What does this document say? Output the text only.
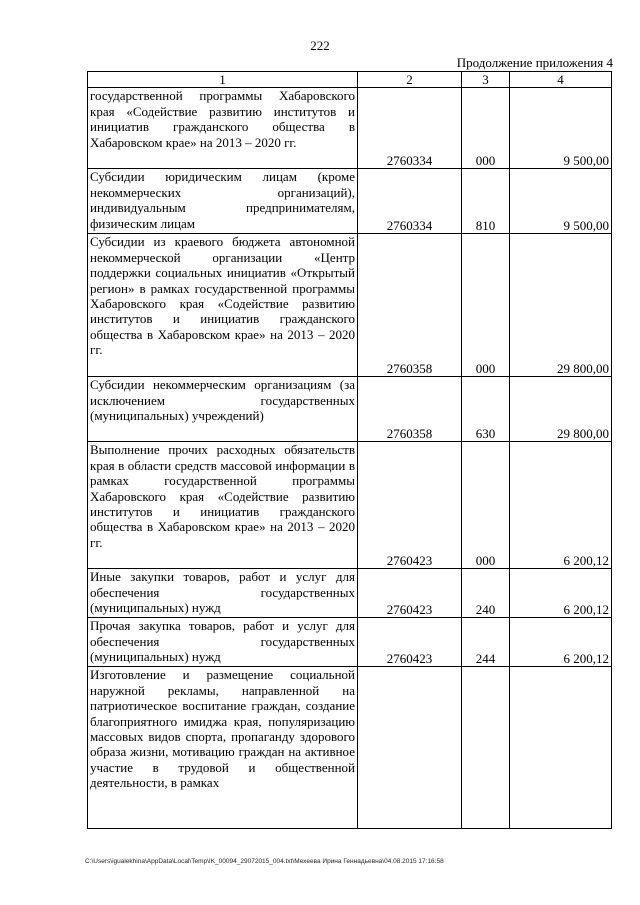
222
Продолжение приложения 4
1	2	3	4
государственной программы Хабаровского края «Содействие развитию институтов и инициатив гражданского общества в Хабаровском крае» на 2013 – 2020 гг.	2760334	000	9 500,00
Субсидии юридическим лицам (кроме некоммерческих организаций), индивидуальным предпринимателям, физическим лицам	2760334	810	9 500,00
Субсидии из краевого бюджета автономной некоммерческой организации «Центр поддержки социальных инициатив «Открытый регион» в рамках государственной программы Хабаровского края «Содействие развитию институтов и инициатив гражданского общества в Хабаровском крае» на 2013 – 2020 гг.	2760358	000	29 800,00
Субсидии некоммерческим организациям (за исключением государственных (муниципальных) учреждений)	2760358	630	29 800,00
Выполнение прочих расходных обязательств края в области средств массовой информации в рамках государственной программы Хабаровского края «Содействие развитию институтов и инициатив гражданского общества в Хабаровском крае» на 2013 – 2020 гг.	2760423	000	6 200,12
Иные закупки товаров, работ и услуг для обеспечения государственных (муниципальных) нужд	2760423	240	6 200,12
Прочая закупка товаров, работ и услуг для обеспечения государственных (муниципальных) нужд	2760423	244	6 200,12
Изготовление и размещение социальной наружной рекламы, направленной на патриотическое воспитание граждан, создание благоприятного имиджа края, популяризацию массовых видов спорта, пропаганду здорового образа жизни, мотивацию граждан на активное участие в трудовой и общественной деятельности, в рамках			
C:\Users\igualekhina\AppData\Local\Temp\IK_00094_29072015_004.txt\Мехеева Ирина Геннадьевна\04.08.2015 17:16:58
